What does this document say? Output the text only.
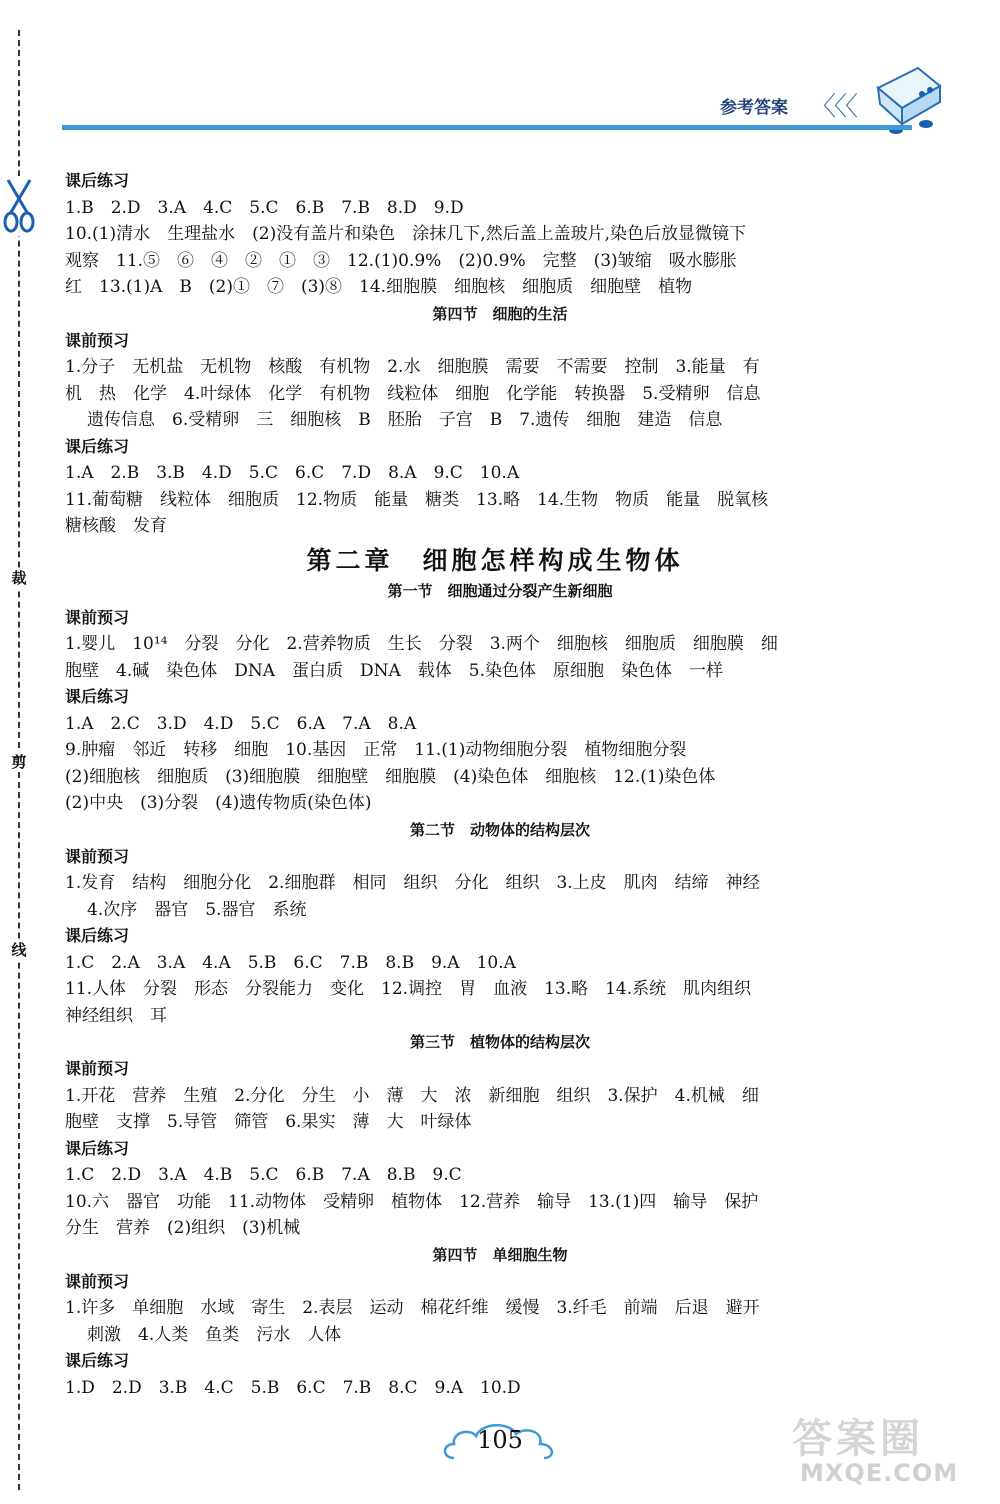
裁
剪
线
参考答案 〈〈〈
课后练习
1.B　2.D　3.A　4.C　5.C　6.B　7.B　8.D　9.D
10.(1)清水　生理盐水　(2)没有盖片和染色　涂抹几下,然后盖上盖玻片,染色后放显微镜下
观察　11.⑤　⑥　④　②　①　③　12.(1)0.9%　(2)0.9%　完整　(3)皱缩　吸水膨胀
红　13.(1)A　B　(2)①　⑦　(3)⑧　14.细胞膜　细胞核　细胞质　细胞壁　植物
第四节　细胞的生活
课前预习
1.分子　无机盐　无机物　核酸　有机物　2.水　细胞膜　需要　不需要　控制　3.能量　有
机　热　化学　4.叶绿体　化学　有机物　线粒体　细胞　化学能　转换器　5.受精卵　信息
遗传信息　6.受精卵　三　细胞核　B　胚胎　子宫　B　7.遗传　细胞　建造　信息
课后练习
1.A　2.B　3.B　4.D　5.C　6.C　7.D　8.A　9.C　10.A
11.葡萄糖　线粒体　细胞质　12.物质　能量　糖类　13.略　14.生物　物质　能量　脱氧核
糖核酸　发育
第二章　细胞怎样构成生物体
第一节　细胞通过分裂产生新细胞
课前预习
1.婴儿　10¹⁴　分裂　分化　2.营养物质　生长　分裂　3.两个　细胞核　细胞质　细胞膜　细
胞壁　4.碱　染色体　DNA　蛋白质　DNA　载体　5.染色体　原细胞　染色体　一样
课后练习
1.A　2.C　3.D　4.D　5.C　6.A　7.A　8.A
9.肿瘤　邻近　转移　细胞　10.基因　正常　11.(1)动物细胞分裂　植物细胞分裂
(2)细胞核　细胞质　(3)细胞膜　细胞壁　细胞膜　(4)染色体　细胞核　12.(1)染色体
(2)中央　(3)分裂　(4)遗传物质(染色体)
第二节　动物体的结构层次
课前预习
1.发育　结构　细胞分化　2.细胞群　相同　组织　分化　组织　3.上皮　肌肉　结缔　神经
4.次序　器官　5.器官　系统
课后练习
1.C　2.A　3.A　4.A　5.B　6.C　7.B　8.B　9.A　10.A
11.人体　分裂　形态　分裂能力　变化　12.调控　胃　血液　13.略　14.系统　肌肉组织
神经组织　耳
第三节　植物体的结构层次
课前预习
1.开花　营养　生殖　2.分化　分生　小　薄　大　浓　新细胞　组织　3.保护　4.机械　细
胞壁　支撑　5.导管　筛管　6.果实　薄　大　叶绿体
课后练习
1.C　2.D　3.A　4.B　5.C　6.B　7.A　8.B　9.C
10.六　器官　功能　11.动物体　受精卵　植物体　12.营养　输导　13.(1)四　输导　保护
分生　营养　(2)组织　(3)机械
第四节　单细胞生物
课前预习
1.许多　单细胞　水域　寄生　2.表层　运动　棉花纤维　缓慢　3.纤毛　前端　后退　避开
刺激　4.人类　鱼类　污水　人体
课后练习
1.D　2.D　3.B　4.C　5.B　6.C　7.B　8.C　9.A　10.D
105	答案圈
MXQE.COM
